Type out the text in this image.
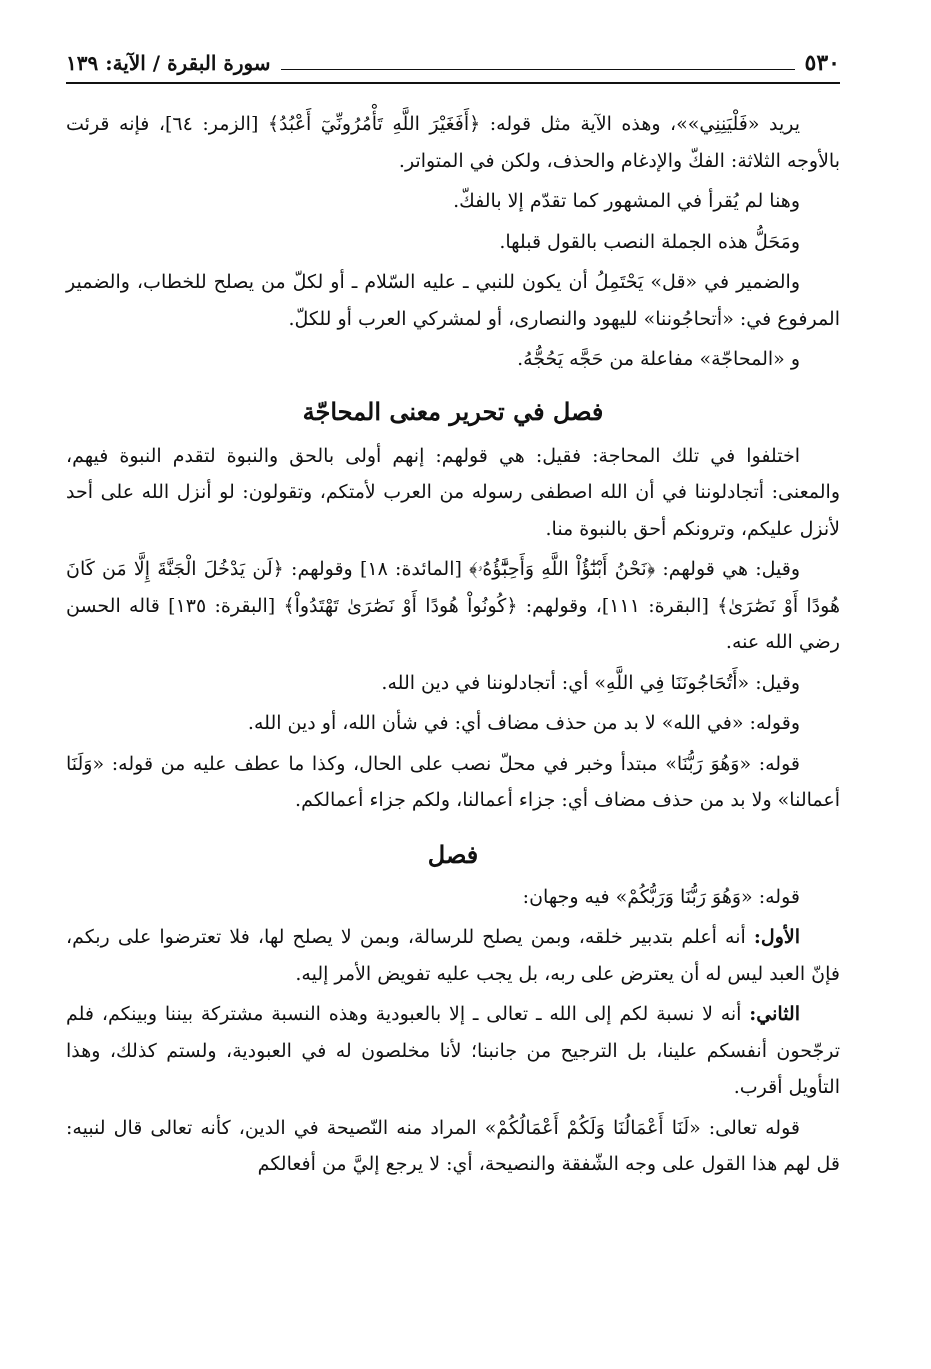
٥٣٠
سورة البقرة / الآية: ١٣٩

يريد «فَلْيَنِنِي»»، وهذه الآية مثل قوله: ﴿أَفَغَيْرَ اللَّهِ تَأْمُرُونِّيٓ أَعْبُدُ﴾ [الزمر: ٦٤]، فإنه قرئت بالأوجه الثلاثة: الفكّ والإدغام والحذف، ولكن في المتواتر.

وهنا لم يُقرأ في المشهور كما تقدّم إلا بالفكّ.

ومَحَلُّ هذه الجملة النصب بالقول قبلها.

والضمير في «قل» يَحْتَمِلُ أن يكون للنبي ـ عليه السّلام ـ أو لكلّ من يصلح للخطاب، والضمير المرفوع في: «أتحاجُوننا» لليهود والنصارى، أو لمشركي العرب أو للكلّ.

و «المحاجّة» مفاعلة من حَجَّه يَحُجُّهُ.

فصل في تحرير معنى المحاجّة

اختلفوا في تلك المحاجة: فقيل: هي قولهم: إنهم أولى بالحق والنبوة لتقدم النبوة فيهم، والمعنى: أتجادلوننا في أن الله اصطفى رسوله من العرب لأمتكم، وتقولون: لو أنزل الله على أحد لأنزل عليكم، وترونكم أحق بالنبوة منا.

وقيل: هي قولهم: ﴿نَحْنُ أَبْنَٰٓؤُاْ اللَّهِ وَأَحِبَّٰٓؤُهُۥ﴾ [المائدة: ١٨] وقولهم: ﴿لَن يَدْخُلَ الْجَنَّةَ إِلَّا مَن كَانَ هُودًا أَوْ نَصَٰرَىٰ﴾ [البقرة: ١١١]، وقولهم: ﴿كُونُواْ هُودًا أَوْ نَصَٰرَىٰ تَهْتَدُواْ﴾ [البقرة: ١٣٥] قاله الحسن رضي الله عنه.

وقيل: «أَتُحَاجُونَنَا فِي اللَّهِ» أي: أتجادلوننا في دين الله.

وقوله: «في الله» لا بد من حذف مضاف أي: في شأن الله، أو دين الله.

قوله: «وَهُوَ رَبُّنَا» مبتدأ وخبر في محلّ نصب على الحال، وكذا ما عطف عليه من قوله: «وَلَنَا أعمالنا» ولا بد من حذف مضاف أي: جزاء أعمالنا، ولكم جزاء أعمالكم.

فصل

قوله: «وَهُوَ رَبُّنَا وَرَبُّكُمْ» فيه وجهان:

الأول: أنه أعلم بتدبير خلقه، وبمن يصلح للرسالة، وبمن لا يصلح لها، فلا تعترضوا على ربكم، فإنّ العبد ليس له أن يعترض على ربه، بل يجب عليه تفويض الأمر إليه.

الثاني: أنه لا نسبة لكم إلى الله ـ تعالى ـ إلا بالعبودية وهذه النسبة مشتركة بيننا وبينكم، فلم ترجّحون أنفسكم علينا، بل الترجيح من جانبنا؛ لأنا مخلصون له في العبودية، ولستم كذلك، وهذا التأويل أقرب.

قوله تعالى: «لَنَا أَعْمَالُنَا وَلَكُمْ أَعْمَالُكُمْ» المراد منه النّصيحة في الدين، كأنه تعالى قال لنبيه: قل لهم هذا القول على وجه الشّفقة والنصيحة، أي: لا يرجع إليَّ من أفعالكم
